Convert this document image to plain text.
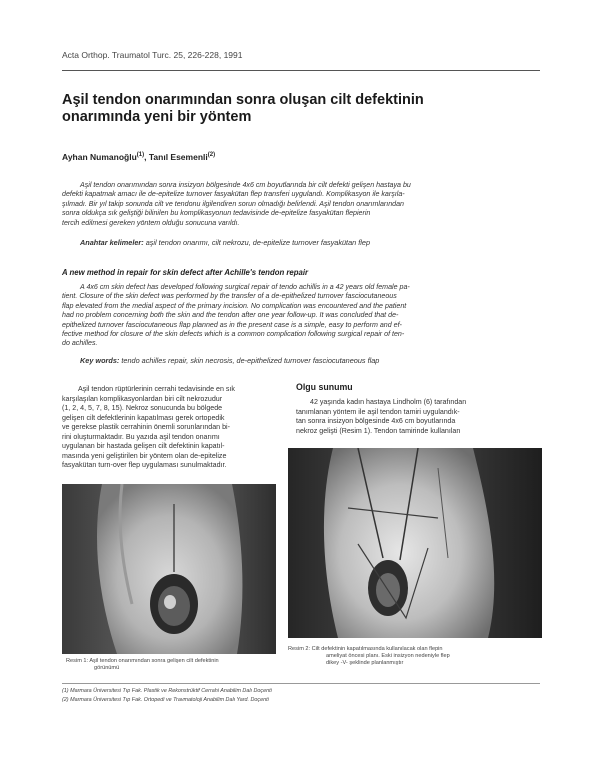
Acta Orthop. Traumatol Turc. 25, 226-228, 1991
Aşil tendon onarımından sonra oluşan cilt defektinin
onarımında yeni bir yöntem
Ayhan Numanoğlu$^{(1)}$, Tanıl Esemenli$^{(2)}$
Aşil tendon onarımından sonra insizyon bölgesinde 4x6 cm boyutlarında bir cilt defekti gelişen hastaya bu
defekti kapatmak amacı ile de-epitelize turnover fasyakütan flep transferi uygulandı. Komplikasyon ile karşıla-
şılmadı. Bir yıl takip sonunda cilt ve tendonu ilgilendiren sorun olmadığı belirlendi. Aşil tendon onarımlarından
sonra oldukça sık geliştiği bilinilen bu komplikasyonun tedavisinde de-epitelize fasyakütan flepierin
tercih edilmesi gereken yöntem olduğu sonucuna varıldı.
Anahtar kelimeler: aşil tendon onarımı, cilt nekrozu, de-epitelize turnover fasyakütan flep
A new method in repair for skin defect after Achille's tendon repair
A 4x6 cm skin defect has developed following surgical repair of tendo achillis in a 42 years old female pa-
tient. Closure of the skin defect was performed by the transfer of a de-epithelized turnover fasciocutaneous
flap elevated from the medial aspect of the primary incision. No complication was encountered and the patient
had no problem concerning both the skin and the tendon after one year follow-up. It was concluded that de-
epithelized turnover fasciocutaneous flap planned as in the present case is a simple, easy to perform and ef-
fective method for closure of the skin defects which is a common complication following surgical repair of ten-
do achilles.
Key words: tendo achilles repair, skin necrosis, de-epithelized turnover fasciocutaneous flap
Aşil tendon rüptürlerinin cerrahi tedavisinde en sık
karşılaşılan komplikasyonlardan biri cilt nekrozudur
(1, 2, 4, 5, 7, 8, 15). Nekroz sonucunda bu bölgede
gelişen cilt defektlerinin kapatılması gerek ortopedik
ve gerekse plastik cerrahinin önemli sorunlarından bi-
rini oluşturmaktadır. Bu yazıda aşil tendon onarımı
uygulanan bir hastada gelişen cilt defektinin kapatıl-
masında yeni geliştirilen bir yöntem olan de-epitelize
fasyakütan turn-over flep uygulaması sunulmaktadır.
Olgu sunumu
42 yaşında kadın hastaya Lindholm (6) tarafından
tanımlanan yöntem ile aşil tendon tamiri uygulandık-
tan sonra insizyon bölgesinde 4x6 cm boyutlarında
nekroz gelişti (Resim 1). Tendon tamirinde kullanılan
Resim 1: Aşil tendon onarımından sonra gelişen cilt defektinin
görünümü
Resim 2: Cilt defektinin kapatılmasında kullanılacak olan flepin
ameliyat öncesi planı. Eski insizyon nedeniyle flep
dikey -V- şeklinde planlanmıştır
(1) Marmara Üniversitesi Tıp Fak. Plastik ve Rekonstrüktif Cerrahi Anabilim Dalı Doçenti
(2) Marmara Üniversitesi Tıp Fak. Ortopedi ve Travmatoloji Anabilim Dalı Yard. Doçenti
